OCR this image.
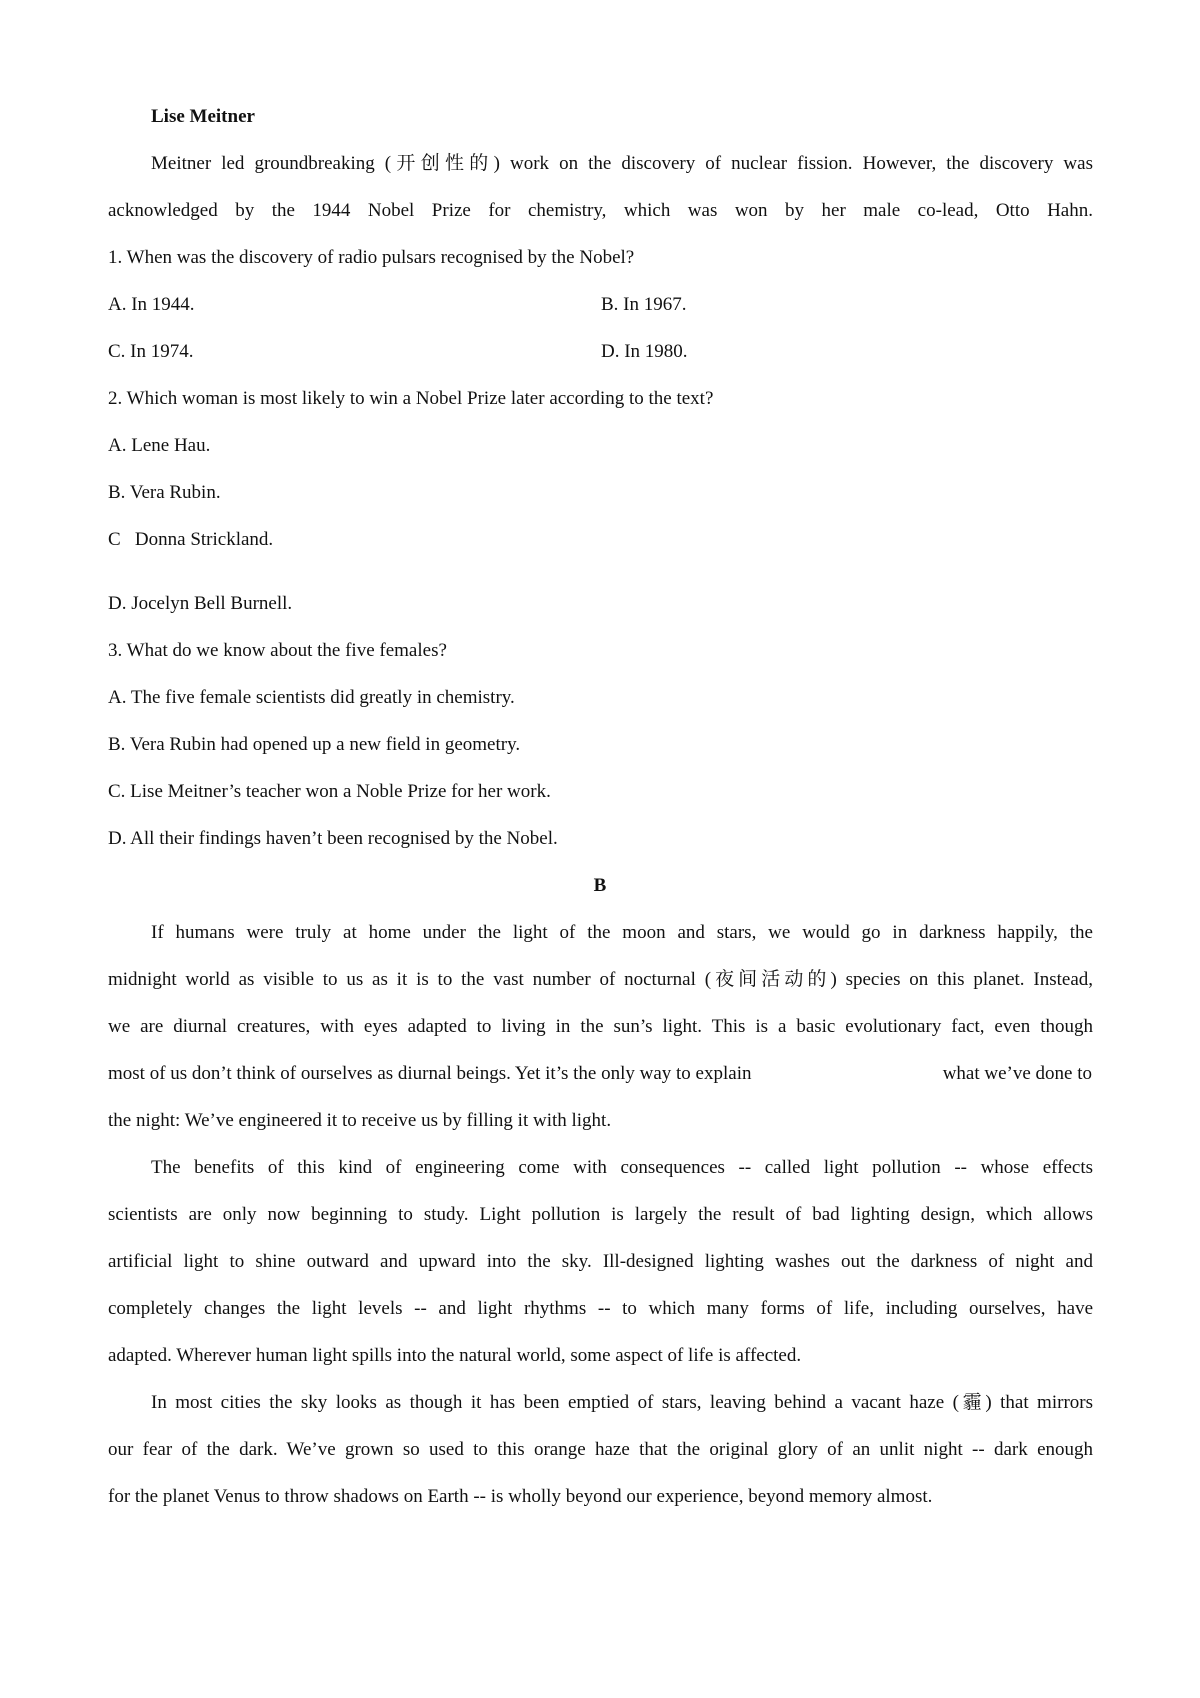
Lise Meitner
Meitner led groundbreaking (开创性的) work on the discovery of nuclear fission. However, the discovery was
acknowledged by the 1944 Nobel Prize for chemistry, which was won by her male co-lead, Otto Hahn.
1. When was the discovery of radio pulsars recognised by the Nobel?
A. In 1944.	B. In 1967.
C. In 1974.	D. In 1980.
2. Which woman is most likely to win a Nobel Prize later according to the text?
A. Lene Hau.
B. Vera Rubin.
C   Donna Strickland.
D. Jocelyn Bell Burnell.
3. What do we know about the five females?
A. The five female scientists did greatly in chemistry.
B. Vera Rubin had opened up a new field in geometry.
C. Lise Meitner’s teacher won a Noble Prize for her work.
D. All their findings haven’t been recognised by the Nobel.
B
If humans were truly at home under the light of the moon and stars, we would go in darkness happily, the
midnight world as visible to us as it is to the vast number of nocturnal (夜间活动的) species on this planet. Instead,
we are diurnal creatures, with eyes adapted to living in the sun’s light. This is a basic evolutionary fact, even though
most of us don’t think of ourselves as diurnal beings. Yet it’s the only way to explain	what we’ve done to
the night: We’ve engineered it to receive us by filling it with light.
The benefits of this kind of engineering come with consequences -- called light pollution -- whose effects
scientists are only now beginning to study. Light pollution is largely the result of bad lighting design, which allows
artificial light to shine outward and upward into the sky. Ill-designed lighting washes out the darkness of night and
completely changes the light levels -- and light rhythms -- to which many forms of life, including ourselves, have
adapted. Wherever human light spills into the natural world, some aspect of life is affected.
In most cities the sky looks as though it has been emptied of stars, leaving behind a vacant haze (霾) that mirrors
our fear of the dark. We’ve grown so used to this orange haze that the original glory of an unlit night -- dark enough
for the planet Venus to throw shadows on Earth -- is wholly beyond our experience, beyond memory almost.
